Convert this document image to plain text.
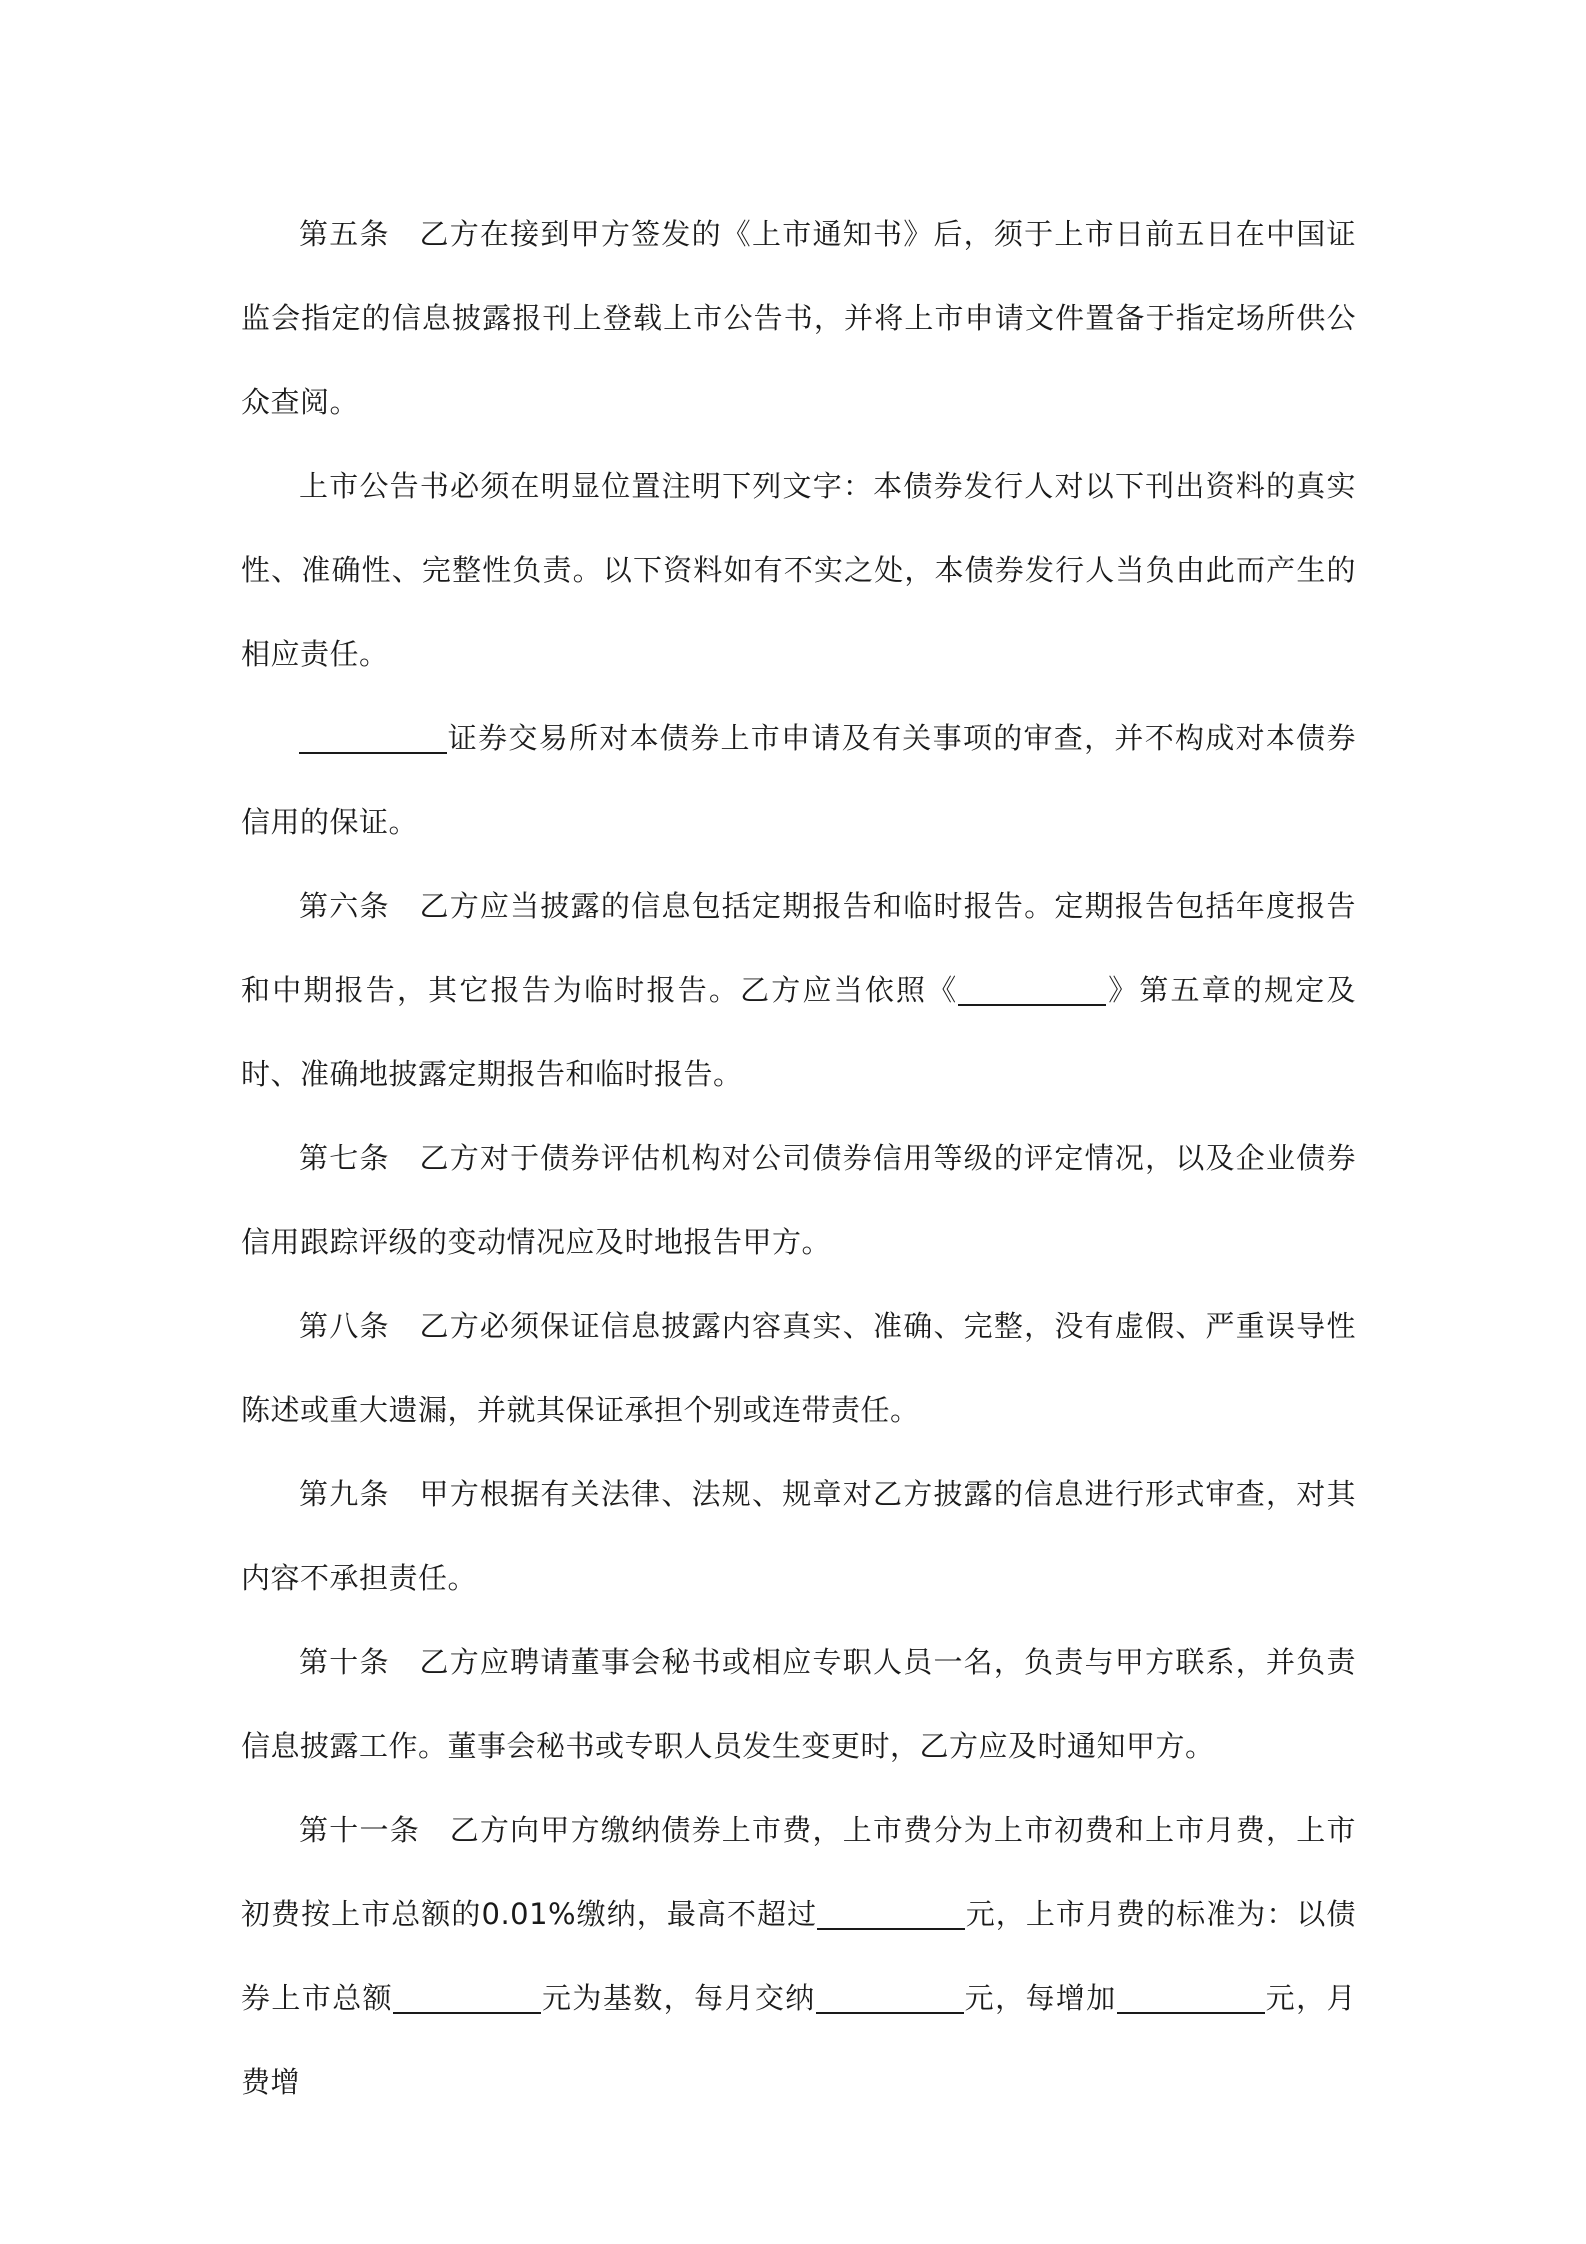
第五条 乙方在接到甲方签发的《上市通知书》后，须于上市日前五日在中国证监会指定的信息披露报刊上登载上市公告书，并将上市申请文件置备于指定场所供公众查阅。

上市公告书必须在明显位置注明下列文字：本债券发行人对以下刊出资料的真实性、准确性、完整性负责。以下资料如有不实之处，本债券发行人当负由此而产生的相应责任。

证券交易所对本债券上市申请及有关事项的审查，并不构成对本债券信用的保证。

第六条 乙方应当披露的信息包括定期报告和临时报告。定期报告包括年度报告和中期报告，其它报告为临时报告。乙方应当依照《	》第五章的规定及时、准确地披露定期报告和临时报告。

第七条 乙方对于债券评估机构对公司债券信用等级的评定情况，以及企业债券信用跟踪评级的变动情况应及时地报告甲方。

第八条 乙方必须保证信息披露内容真实、准确、完整，没有虚假、严重误导性陈述或重大遗漏，并就其保证承担个别或连带责任。

第九条 甲方根据有关法律、法规、规章对乙方披露的信息进行形式审查，对其内容不承担责任。

第十条 乙方应聘请董事会秘书或相应专职人员一名，负责与甲方联系，并负责信息披露工作。董事会秘书或专职人员发生变更时，乙方应及时通知甲方。

第十一条 乙方向甲方缴纳债券上市费，上市费分为上市初费和上市月费，上市初费按上市总额的0.01%缴纳，最高不超过	元，上市月费的标准为：以债券上市总额	元为基数，每月交纳	元，每增加	元，月费增
